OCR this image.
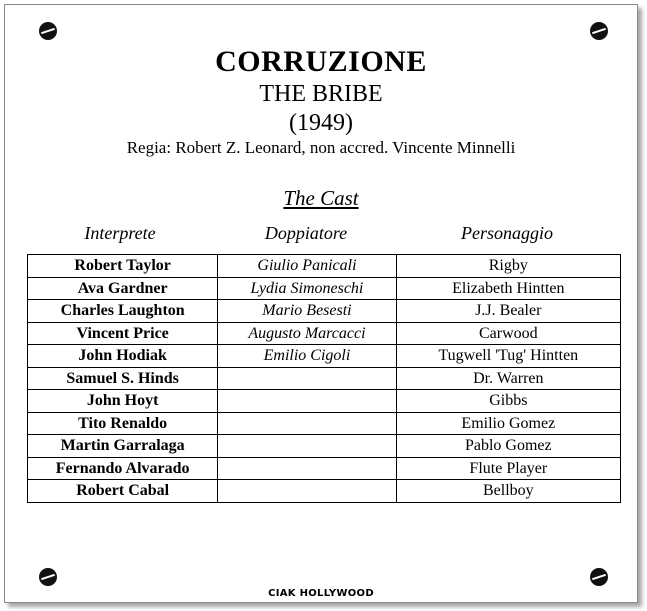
CORRUZIONE
THE BRIBE
(1949)
Regia: Robert Z. Leonard, non accred. Vincente Minnelli
The Cast
Interprete	Doppiatore	Personaggio
Robert Taylor	Giulio Panicali	Rigby
Ava Gardner	Lydia Simoneschi	Elizabeth Hintten
Charles Laughton	Mario Besesti	J.J. Bealer
Vincent Price	Augusto Marcacci	Carwood
John Hodiak	Emilio Cigoli	Tugwell 'Tug' Hintten
Samuel S. Hinds		Dr. Warren
John Hoyt		Gibbs
Tito Renaldo		Emilio Gomez
Martin Garralaga		Pablo Gomez
Fernando Alvarado		Flute Player
Robert Cabal		Bellboy
CIAK HOLLYWOOD
